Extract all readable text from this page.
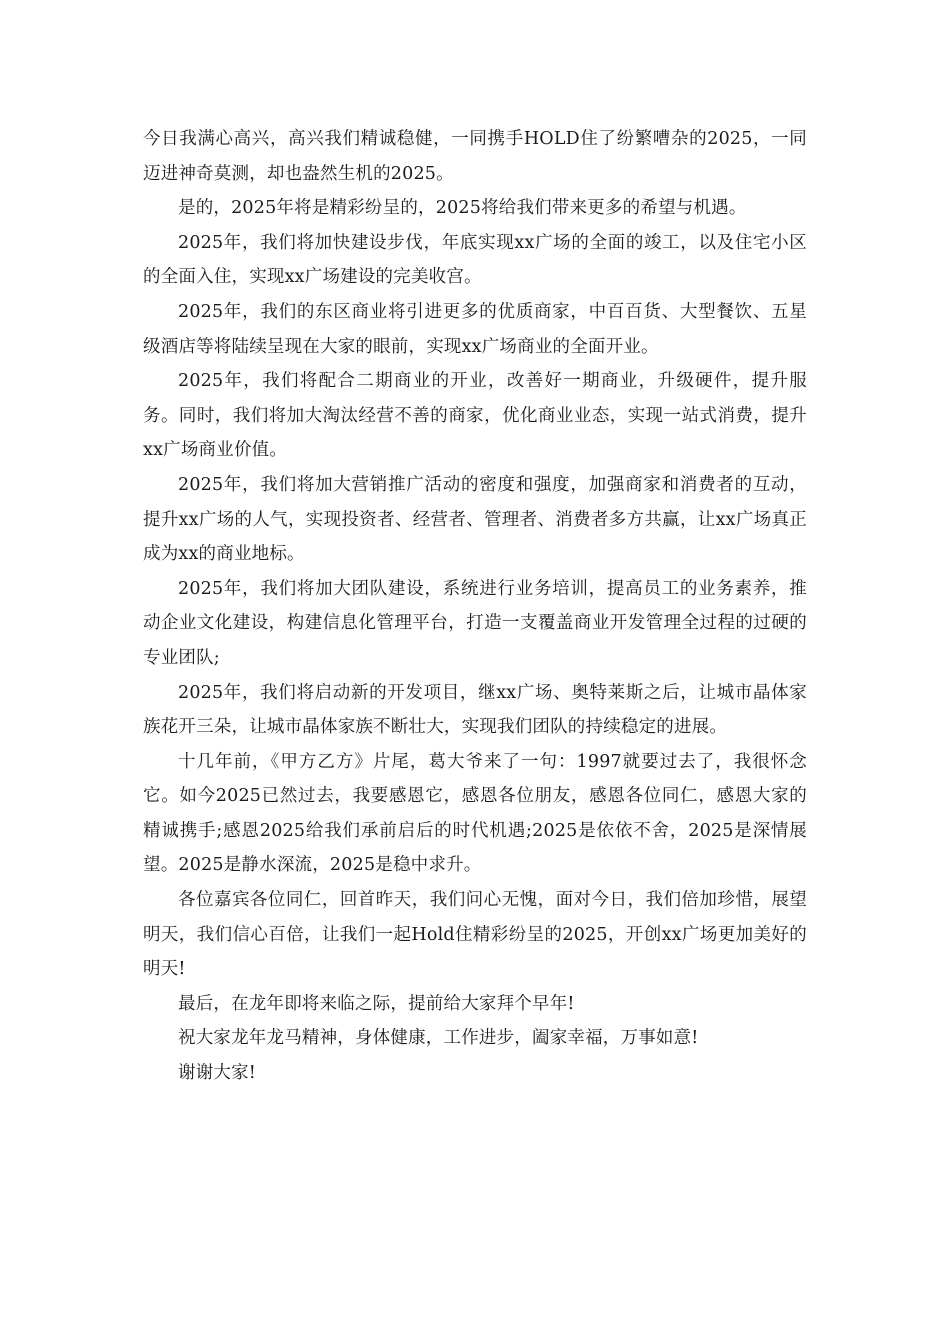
今日我满心高兴，高兴我们精诚稳健，一同携手HOLD住了纷繁嘈杂的2025，一同迈进神奇莫测，却也盎然生机的2025。

是的，2025年将是精彩纷呈的，2025将给我们带来更多的希望与机遇。

2025年，我们将加快建设步伐，年底实现xx广场的全面的竣工，以及住宅小区的全面入住，实现xx广场建设的完美收宫。

2025年，我们的东区商业将引进更多的优质商家，中百百货、大型餐饮、五星级酒店等将陆续呈现在大家的眼前，实现xx广场商业的全面开业。

2025年，我们将配合二期商业的开业，改善好一期商业，升级硬件，提升服务。同时，我们将加大淘汰经营不善的商家，优化商业业态，实现一站式消费，提升xx广场商业价值。

2025年，我们将加大营销推广活动的密度和强度，加强商家和消费者的互动，提升xx广场的人气，实现投资者、经营者、管理者、消费者多方共赢，让xx广场真正成为xx的商业地标。

2025年，我们将加大团队建设，系统进行业务培训，提高员工的业务素养，推动企业文化建设，构建信息化管理平台，打造一支覆盖商业开发管理全过程的过硬的专业团队;

2025年，我们将启动新的开发项目，继xx广场、奥特莱斯之后，让城市晶体家族花开三朵，让城市晶体家族不断壮大，实现我们团队的持续稳定的进展。

十几年前，《甲方乙方》片尾，葛大爷来了一句：1997就要过去了，我很怀念它。如今2025已然过去，我要感恩它，感恩各位朋友，感恩各位同仁，感恩大家的精诚携手;感恩2025给我们承前启后的时代机遇;2025是依依不舍，2025是深情展望。2025是静水深流，2025是稳中求升。

各位嘉宾各位同仁，回首昨天，我们问心无愧，面对今日，我们倍加珍惜，展望明天，我们信心百倍，让我们一起Hold住精彩纷呈的2025，开创xx广场更加美好的明天!

最后，在龙年即将来临之际，提前给大家拜个早年!

祝大家龙年龙马精神，身体健康，工作进步，阖家幸福，万事如意!

谢谢大家!
